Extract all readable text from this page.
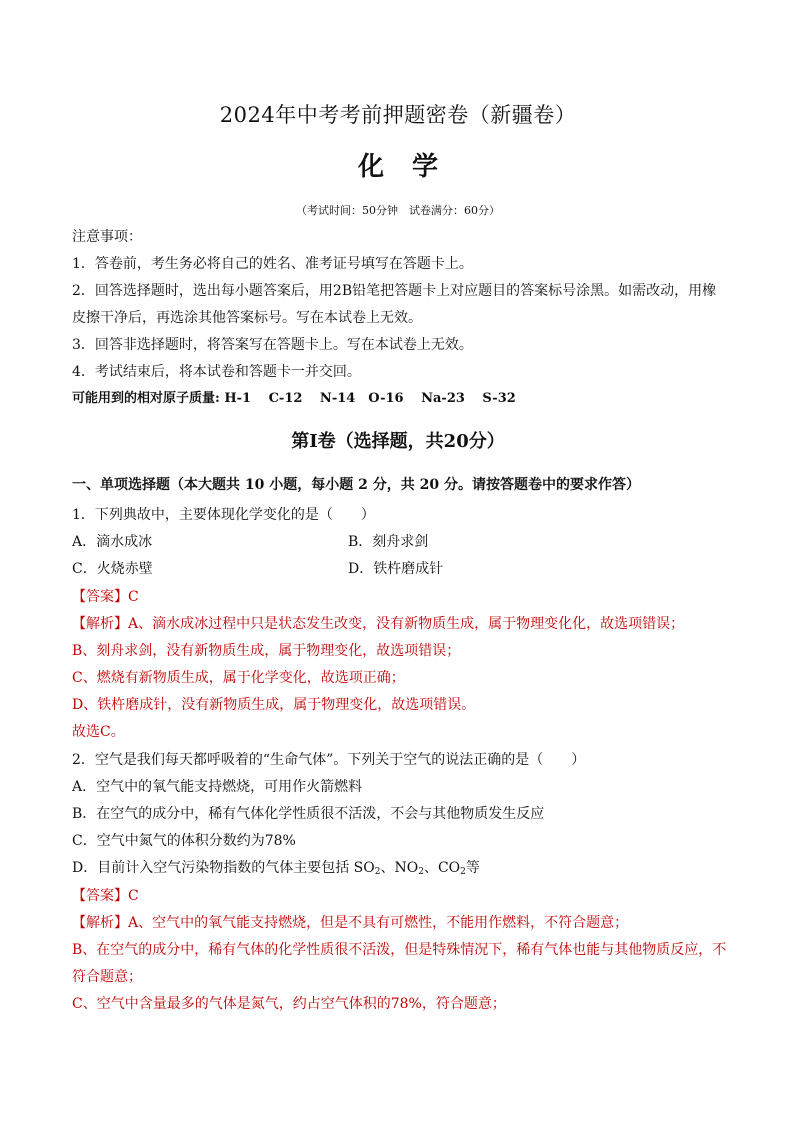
2024年中考考前押题密卷（新疆卷）
化学
（考试时间：50分钟　试卷满分：60分）
注意事项：
1．答卷前，考生务必将自己的姓名、准考证号填写在答题卡上。
2．回答选择题时，选出每小题答案后，用2B铅笔把答题卡上对应题目的答案标号涂黑。如需改动，用橡
皮擦干净后，再选涂其他答案标号。写在本试卷上无效。
3．回答非选择题时，将答案写在答题卡上。写在本试卷上无效。
4．考试结束后，将本试卷和答题卡一并交回。
可能用到的相对原子质量: H-1　 C-12　 N-14　O-16　 Na-23　 S-32
第Ⅰ卷（选择题，共20分）
一、单项选择题（本大题共 10 小题，每小题 2 分，共 20 分。请按答题卷中的要求作答）
1．下列典故中，主要体现化学变化的是（　　）
A．滴水成冰	B．刻舟求剑
C．火烧赤壁	D．铁杵磨成针
【答案】C
【解析】A、滴水成冰过程中只是状态发生改变，没有新物质生成，属于物理变化化，故选项错误；
B、刻舟求剑，没有新物质生成，属于物理变化，故选项错误；
C、燃烧有新物质生成，属于化学变化，故选项正确；
D、铁杵磨成针，没有新物质生成，属于物理变化，故选项错误。
故选C。
2．空气是我们每天都呼吸着的“生命气体”。下列关于空气的说法正确的是（　　）
A．空气中的氧气能支持燃烧，可用作火箭燃料
B．在空气的成分中，稀有气体化学性质很不活泼，不会与其他物质发生反应
C．空气中氮气的体积分数约为78%
D．目前计入空气污染物指数的气体主要包括 $SO_2$、$NO_2$、$CO_2$等
【答案】C
【解析】A、空气中的氧气能支持燃烧，但是不具有可燃性，不能用作燃料，不符合题意；
B、在空气的成分中，稀有气体的化学性质很不活泼，但是特殊情况下，稀有气体也能与其他物质反应，不
符合题意；
C、空气中含量最多的气体是氮气，约占空气体积的78%，符合题意；
